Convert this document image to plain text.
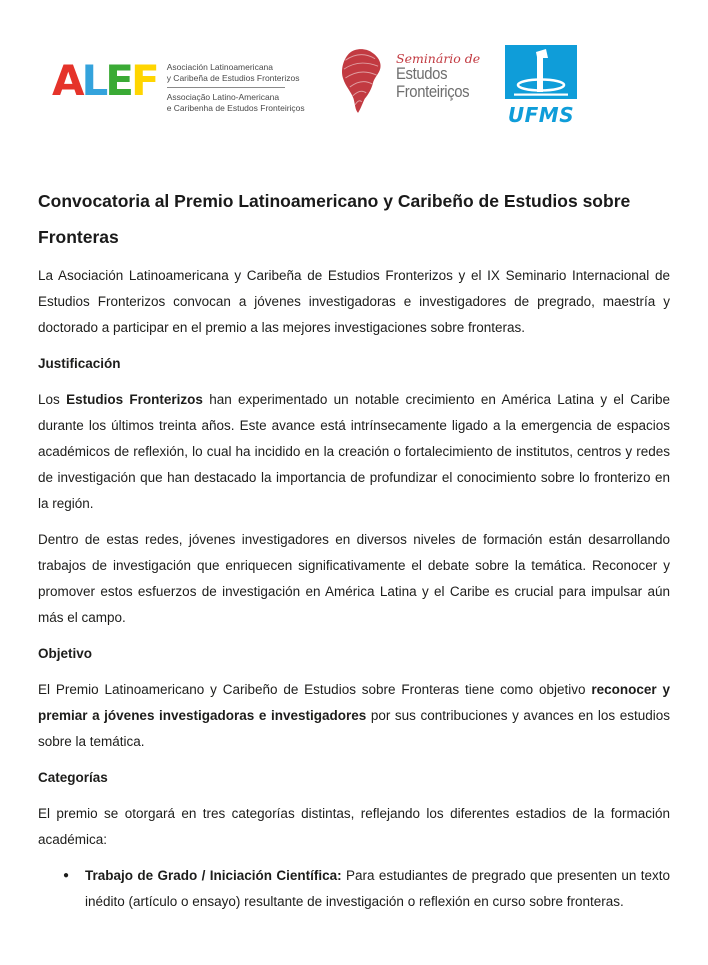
A L E F Asociación Latinoamericana
y Caribeña de Estudios Fronterizos
Associação Latino-Americana
e Caribenha de Estudos Fronteiriços
Seminário de
Estudos
Fronteiriços
UFMS
Convocatoria al Premio Latinoamericano y Caribeño de Estudios sobre Fronteras

La Asociación Latinoamericana y Caribeña de Estudios Fronterizos y el IX Seminario Internacional de Estudios Fronterizos convocan a jóvenes investigadoras e investigadores de pregrado, maestría y doctorado a participar en el premio a las mejores investigaciones sobre fronteras.

Justificación

Los Estudios Fronterizos han experimentado un notable crecimiento en América Latina y el Caribe durante los últimos treinta años. Este avance está intrínsecamente ligado a la emergencia de espacios académicos de reflexión, lo cual ha incidido en la creación o fortalecimiento de institutos, centros y redes de investigación que han destacado la importancia de profundizar el conocimiento sobre lo fronterizo en la región.

Dentro de estas redes, jóvenes investigadores en diversos niveles de formación están desarrollando trabajos de investigación que enriquecen significativamente el debate sobre la temática. Reconocer y promover estos esfuerzos de investigación en América Latina y el Caribe es crucial para impulsar aún más el campo.

Objetivo

El Premio Latinoamericano y Caribeño de Estudios sobre Fronteras tiene como objetivo reconocer y premiar a jóvenes investigadoras e investigadores por sus contribuciones y avances en los estudios sobre la temática.

Categorías

El premio se otorgará en tres categorías distintas, reflejando los diferentes estadios de la formación académica:

● Trabajo de Grado / Iniciación Científica: Para estudiantes de pregrado que presenten un texto inédito (artículo o ensayo) resultante de investigación o reflexión en curso sobre fronteras.
